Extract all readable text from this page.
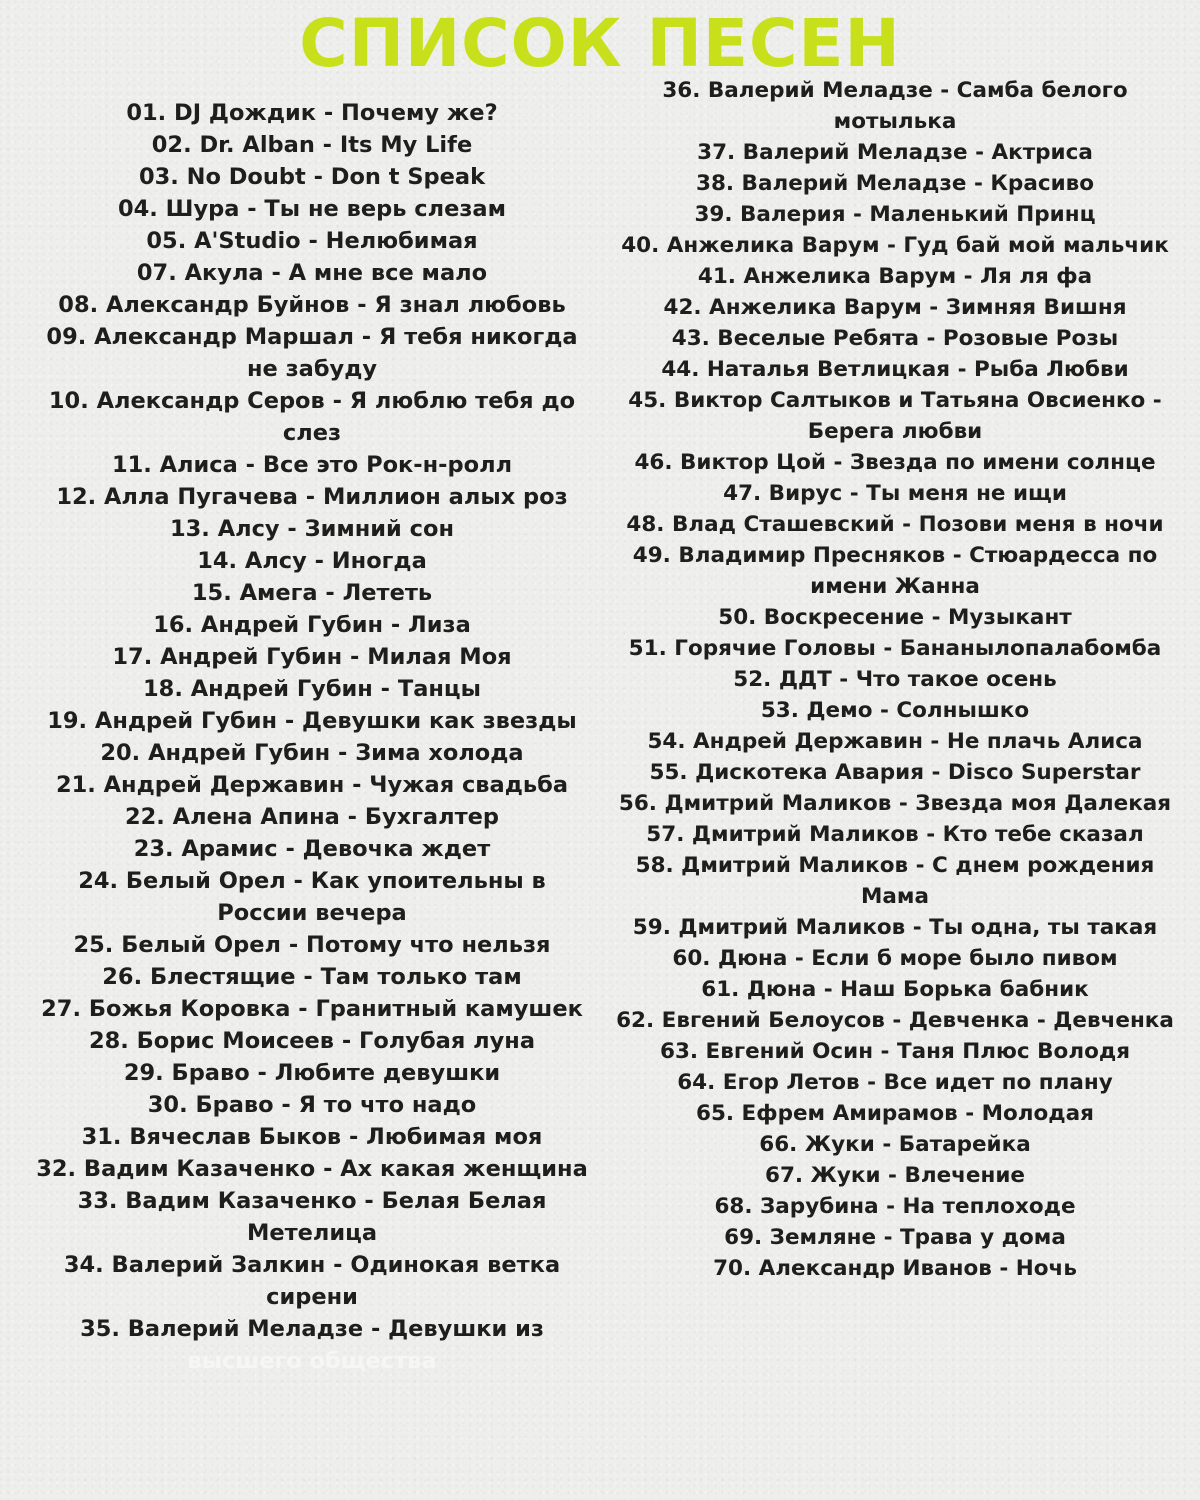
СПИСОК ПЕСЕН
01. DJ Дождик - Почему же?
02. Dr. Alban - Its My Life
03. No Doubt - Don t Speak
04. Шура - Ты не верь слезам
05. A'Studio - Нелюбимая
07. Акула - А мне все мало
08. Александр Буйнов - Я знал любовь
09. Александр Маршал - Я тебя никогда не забуду
10. Александр Серов - Я люблю тебя до слез
11. Алиса - Все это Рок-н-ролл
12. Алла Пугачева - Миллион алых роз
13. Алсу - Зимний сон
14. Алсу - Иногда
15. Амега - Лететь
16. Андрей Губин - Лиза
17. Андрей Губин - Милая Моя
18. Андрей Губин - Танцы
19. Андрей Губин - Девушки как звезды
20. Андрей Губин - Зима холода
21. Андрей Державин - Чужая свадьба
22. Алена Апина - Бухгалтер
23. Арамис - Девочка ждет
24. Белый Орел - Как упоительны в России вечера
25. Белый Орел - Потому что нельзя
26. Блестящие - Там только там
27. Божья Коровка - Гранитный камушек
28. Борис Моисеев - Голубая луна
29. Браво - Любите девушки
30. Браво - Я то что надо
31. Вячеслав Быков - Любимая моя
32. Вадим Казаченко - Ах какая женщина
33. Вадим Казаченко - Белая Белая Метелица
34. Валерий Залкин - Одинокая ветка сирени
35. Валерий Меладзе - Девушки из
высшего общества
36. Валерий Меладзе - Самба белого мотылька
37. Валерий Меладзе - Актриса
38. Валерий Меладзе - Красиво
39. Валерия - Маленький Принц
40. Анжелика Варум - Гуд бай мой мальчик
41. Анжелика Варум - Ля ля фа
42. Анжелика Варум - Зимняя Вишня
43. Веселые Ребята - Розовые Розы
44. Наталья Ветлицкая - Рыба Любви
45. Виктор Салтыков и Татьяна Овсиенко - Берега любви
46. Виктор Цой - Звезда по имени солнце
47. Вирус - Ты меня не ищи
48. Влад Сташевский - Позови меня в ночи
49. Владимир Пресняков - Стюардесса по имени Жанна
50. Воскресение - Музыкант
51. Горячие Головы - Бананылопалабомба
52. ДДТ - Что такое осень
53. Демо - Солнышко
54. Андрей Державин - Не плачь Алиса
55. Дискотека Авария - Disco Superstar
56. Дмитрий Маликов - Звезда моя Далекая
57. Дмитрий Маликов - Кто тебе сказал
58. Дмитрий Маликов - С днем рождения Мама
59. Дмитрий Маликов - Ты одна, ты такая
60. Дюна - Если б море было пивом
61. Дюна - Наш Борька бабник
62. Евгений Белоусов - Девченка - Девченка
63. Евгений Осин - Таня Плюс Володя
64. Егор Летов - Все идет по плану
65. Ефрем Амирамов - Молодая
66. Жуки - Батарейка
67. Жуки - Влечение
68. Зарубина - На теплоходе
69. Земляне - Трава у дома
70. Александр Иванов - Ночь
